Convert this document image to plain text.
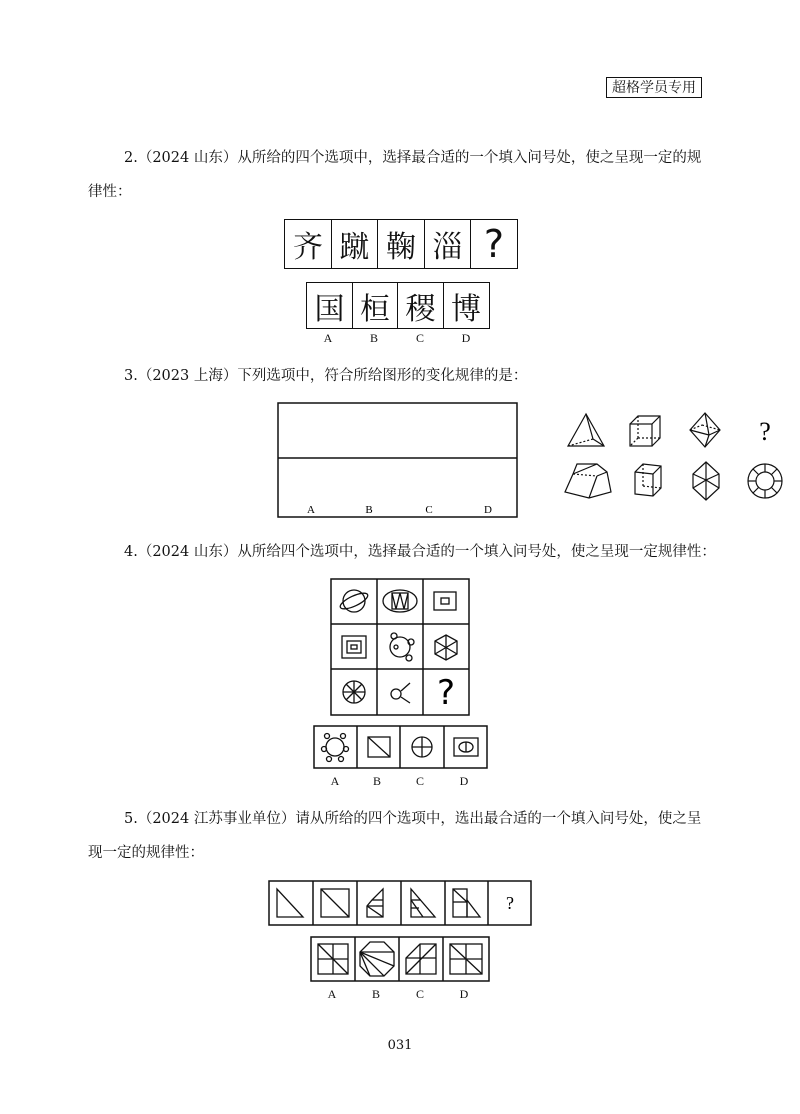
超格学员专用
2.（2024 山东）从所给的四个选项中，选择最合适的一个填入问号处，使之呈现一定的规
律性：
齐 蹴 鞠 淄 ?
国 桓 稷 博
A	B	C	D
3.（2023 上海）下列选项中，符合所给图形的变化规律的是：
?
A	B	C	D
4.（2024 山东）从所给四个选项中，选择最合适的一个填入问号处，使之呈现一定规律性：
?
A	B	C	D
5.（2024 江苏事业单位）请从所给的四个选项中，选出最合适的一个填入问号处，使之呈
现一定的规律性：
?
A	B	C	D
031
